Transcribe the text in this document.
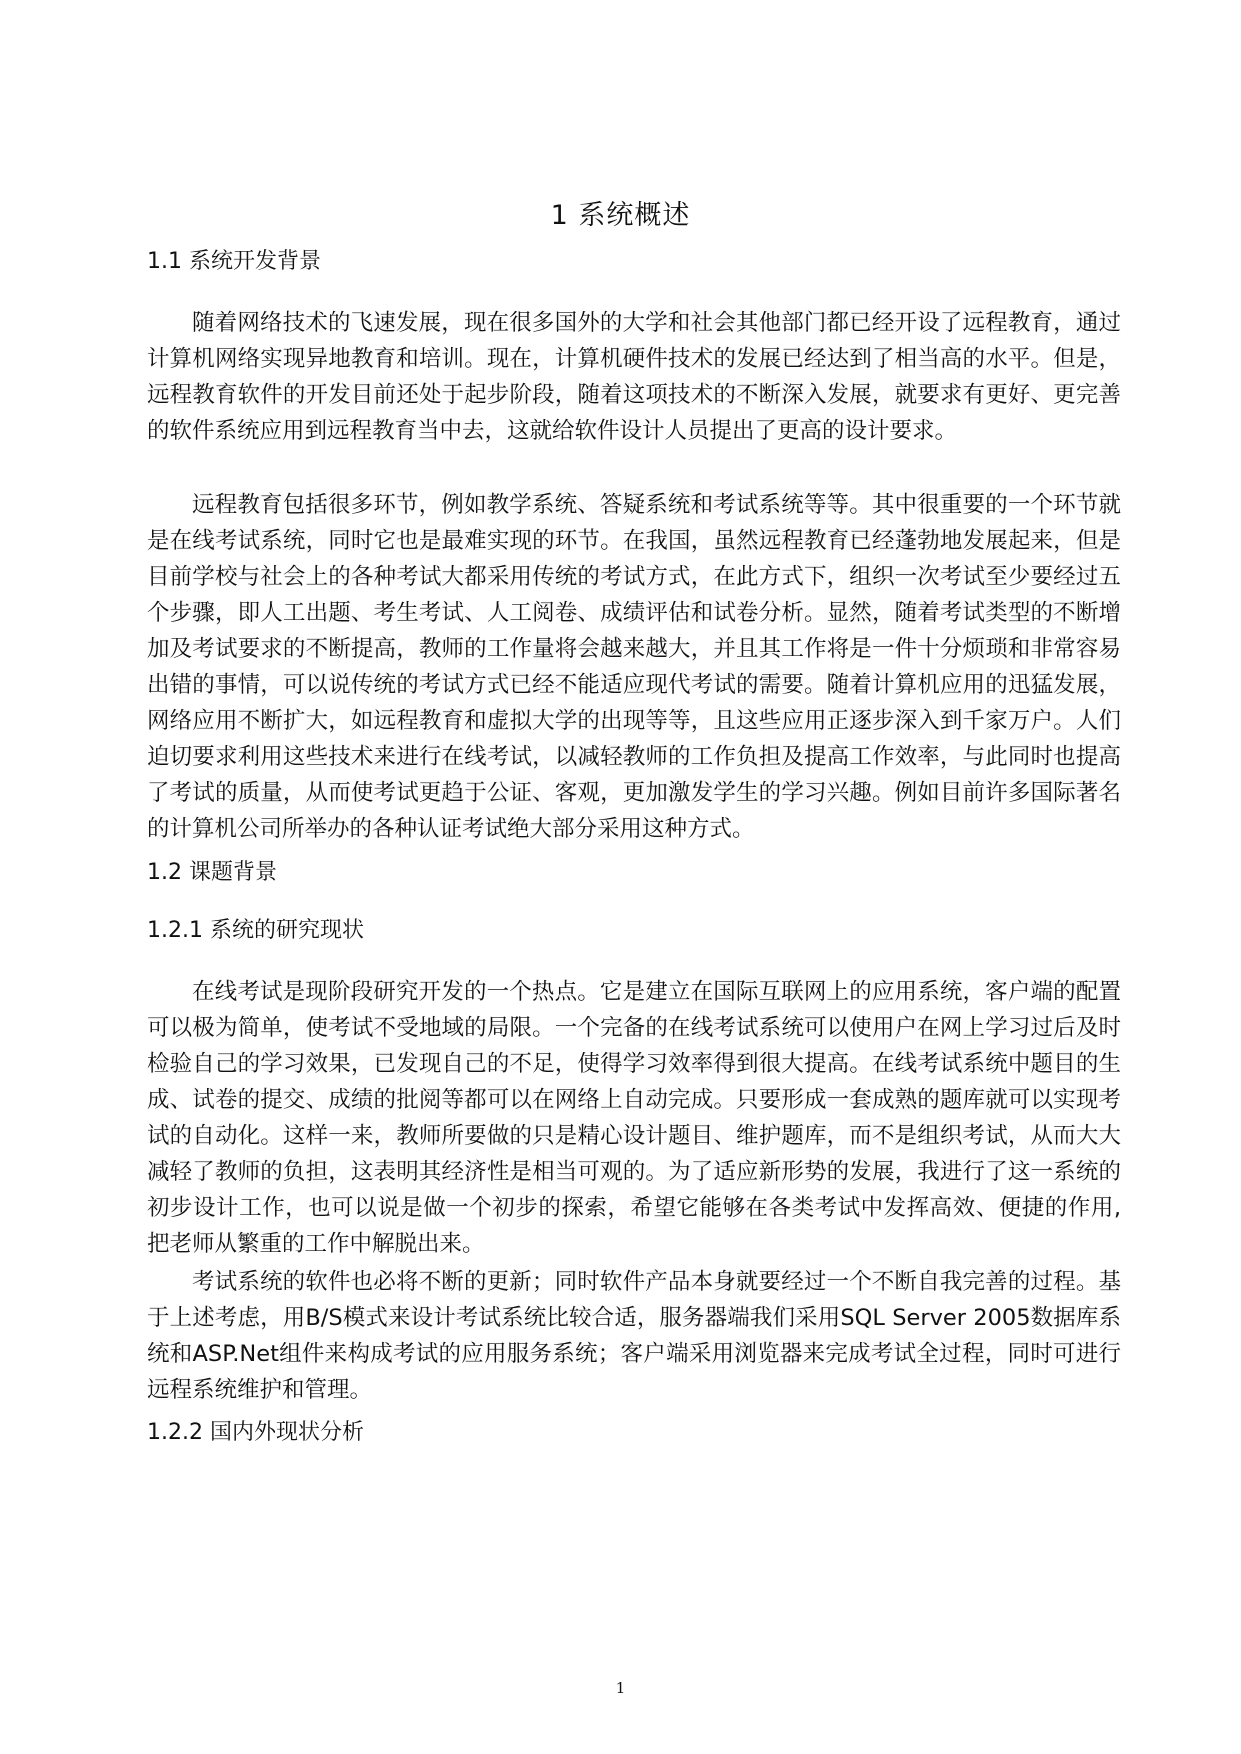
1 系统概述
1.1 系统开发背景
随着网络技术的飞速发展，现在很多国外的大学和社会其他部门都已经开设了远程教育，通过计算机网络实现异地教育和培训。现在，计算机硬件技术的发展已经达到了相当高的水平。但是，远程教育软件的开发目前还处于起步阶段，随着这项技术的不断深入发展，就要求有更好、更完善的软件系统应用到远程教育当中去，这就给软件设计人员提出了更高的设计要求。
远程教育包括很多环节，例如教学系统、答疑系统和考试系统等等。其中很重要的一个环节就是在线考试系统，同时它也是最难实现的环节。在我国，虽然远程教育已经蓬勃地发展起来，但是目前学校与社会上的各种考试大都采用传统的考试方式，在此方式下，组织一次考试至少要经过五个步骤，即人工出题、考生考试、人工阅卷、成绩评估和试卷分析。显然，随着考试类型的不断增加及考试要求的不断提高，教师的工作量将会越来越大，并且其工作将是一件十分烦琐和非常容易出错的事情，可以说传统的考试方式已经不能适应现代考试的需要。随着计算机应用的迅猛发展，网络应用不断扩大，如远程教育和虚拟大学的出现等等，且这些应用正逐步深入到千家万户。人们迫切要求利用这些技术来进行在线考试，以减轻教师的工作负担及提高工作效率，与此同时也提高了考试的质量，从而使考试更趋于公证、客观，更加激发学生的学习兴趣。例如目前许多国际著名的计算机公司所举办的各种认证考试绝大部分采用这种方式。
1.2 课题背景
1.2.1 系统的研究现状
在线考试是现阶段研究开发的一个热点。它是建立在国际互联网上的应用系统，客户端的配置可以极为简单，使考试不受地域的局限。一个完备的在线考试系统可以使用户在网上学习过后及时检验自己的学习效果，已发现自己的不足，使得学习效率得到很大提高。在线考试系统中题目的生成、试卷的提交、成绩的批阅等都可以在网络上自动完成。只要形成一套成熟的题库就可以实现考试的自动化。这样一来，教师所要做的只是精心设计题目、维护题库，而不是组织考试，从而大大减轻了教师的负担，这表明其经济性是相当可观的。为了适应新形势的发展，我进行了这一系统的初步设计工作，也可以说是做一个初步的探索，希望它能够在各类考试中发挥高效、便捷的作用,把老师从繁重的工作中解脱出来。
考试系统的软件也必将不断的更新；同时软件产品本身就要经过一个不断自我完善的过程。基于上述考虑，用B/S模式来设计考试系统比较合适，服务器端我们采用SQL Server 2005数据库系统和ASP.Net组件来构成考试的应用服务系统；客户端采用浏览器来完成考试全过程，同时可进行远程系统维护和管理。
1.2.2 国内外现状分析
1
